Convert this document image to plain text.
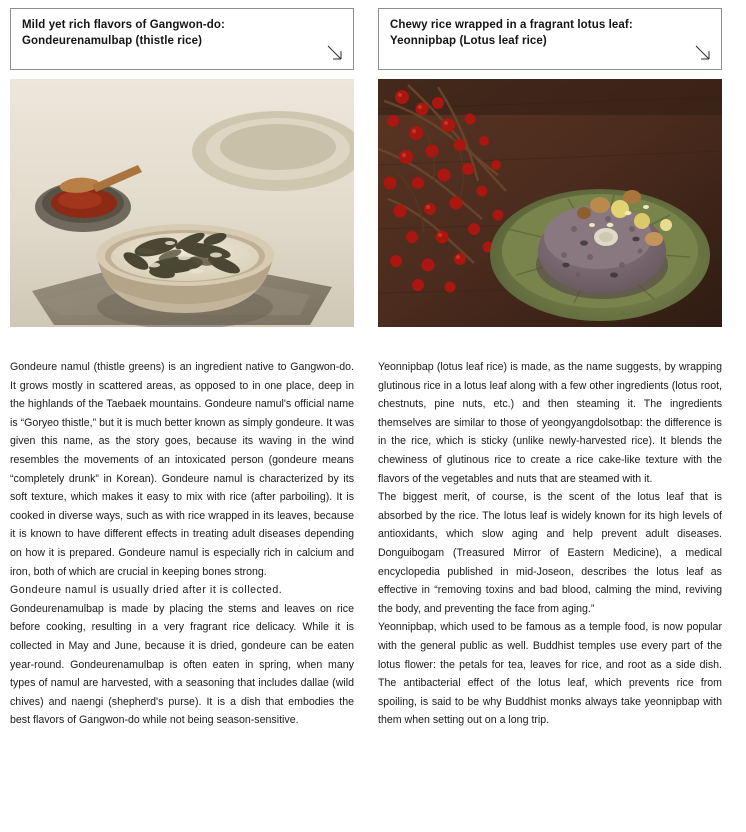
Mild yet rich flavors of Gangwon-do:
Gondeurenamulbap (thistle rice)

Gondeure namul (thistle greens) is an ingredient native to Gangwon-do. It grows mostly in scattered areas, as opposed to in one place, deep in the highlands of the Taebaek mountains. Gondeure namul's official name is “Goryeo thistle,” but it is much better known as simply gondeure. It was given this name, as the story goes, because its waving in the wind resembles the movements of an intoxicated person (gondeure means “completely drunk” in Korean). Gondeure namul is characterized by its soft texture, which makes it easy to mix with rice (after parboiling). It is cooked in diverse ways, such as with rice wrapped in its leaves, because it is known to have different effects in treating adult diseases depending on how it is prepared. Gondeure namul is especially rich in calcium and iron, both of which are crucial in keeping bones strong.

Gondeure namul is usually dried after it is collected.

Gondeurenamulbap is made by placing the stems and leaves on rice before cooking, resulting in a very fragrant rice delicacy. While it is collected in May and June, because it is dried, gondeure can be eaten year-round. Gondeurenamulbap is often eaten in spring, when many types of namul are harvested, with a seasoning that includes dallae (wild chives) and naengi (shepherd's purse). It is a dish that embodies the best flavors of Gangwon-do while not being season-sensitive.

Chewy rice wrapped in a fragrant lotus leaf:
Yeonnipbap (Lotus leaf rice)

Yeonnipbap (lotus leaf rice) is made, as the name suggests, by wrapping glutinous rice in a lotus leaf along with a few other ingredients (lotus root, chestnuts, pine nuts, etc.) and then steaming it. The ingredients themselves are similar to those of yeongyangdolsotbap: the difference is in the rice, which is sticky (unlike newly-harvested rice). It blends the chewiness of glutinous rice to create a rice cake-like texture with the flavors of the vegetables and nuts that are steamed with it.

The biggest merit, of course, is the scent of the lotus leaf that is absorbed by the rice. The lotus leaf is widely known for its high levels of antioxidants, which slow aging and help prevent adult diseases. Donguibogam (Treasured Mirror of Eastern Medicine), a medical encyclopedia published in mid-Joseon, describes the lotus leaf as effective in “removing toxins and bad blood, calming the mind, reviving the body, and preventing the face from aging.”

Yeonnipbap, which used to be famous as a temple food, is now popular with the general public as well. Buddhist temples use every part of the lotus flower: the petals for tea, leaves for rice, and root as a side dish. The antibacterial effect of the lotus leaf, which prevents rice from spoiling, is said to be why Buddhist monks always take yeonnipbap with them when setting out on a long trip.
